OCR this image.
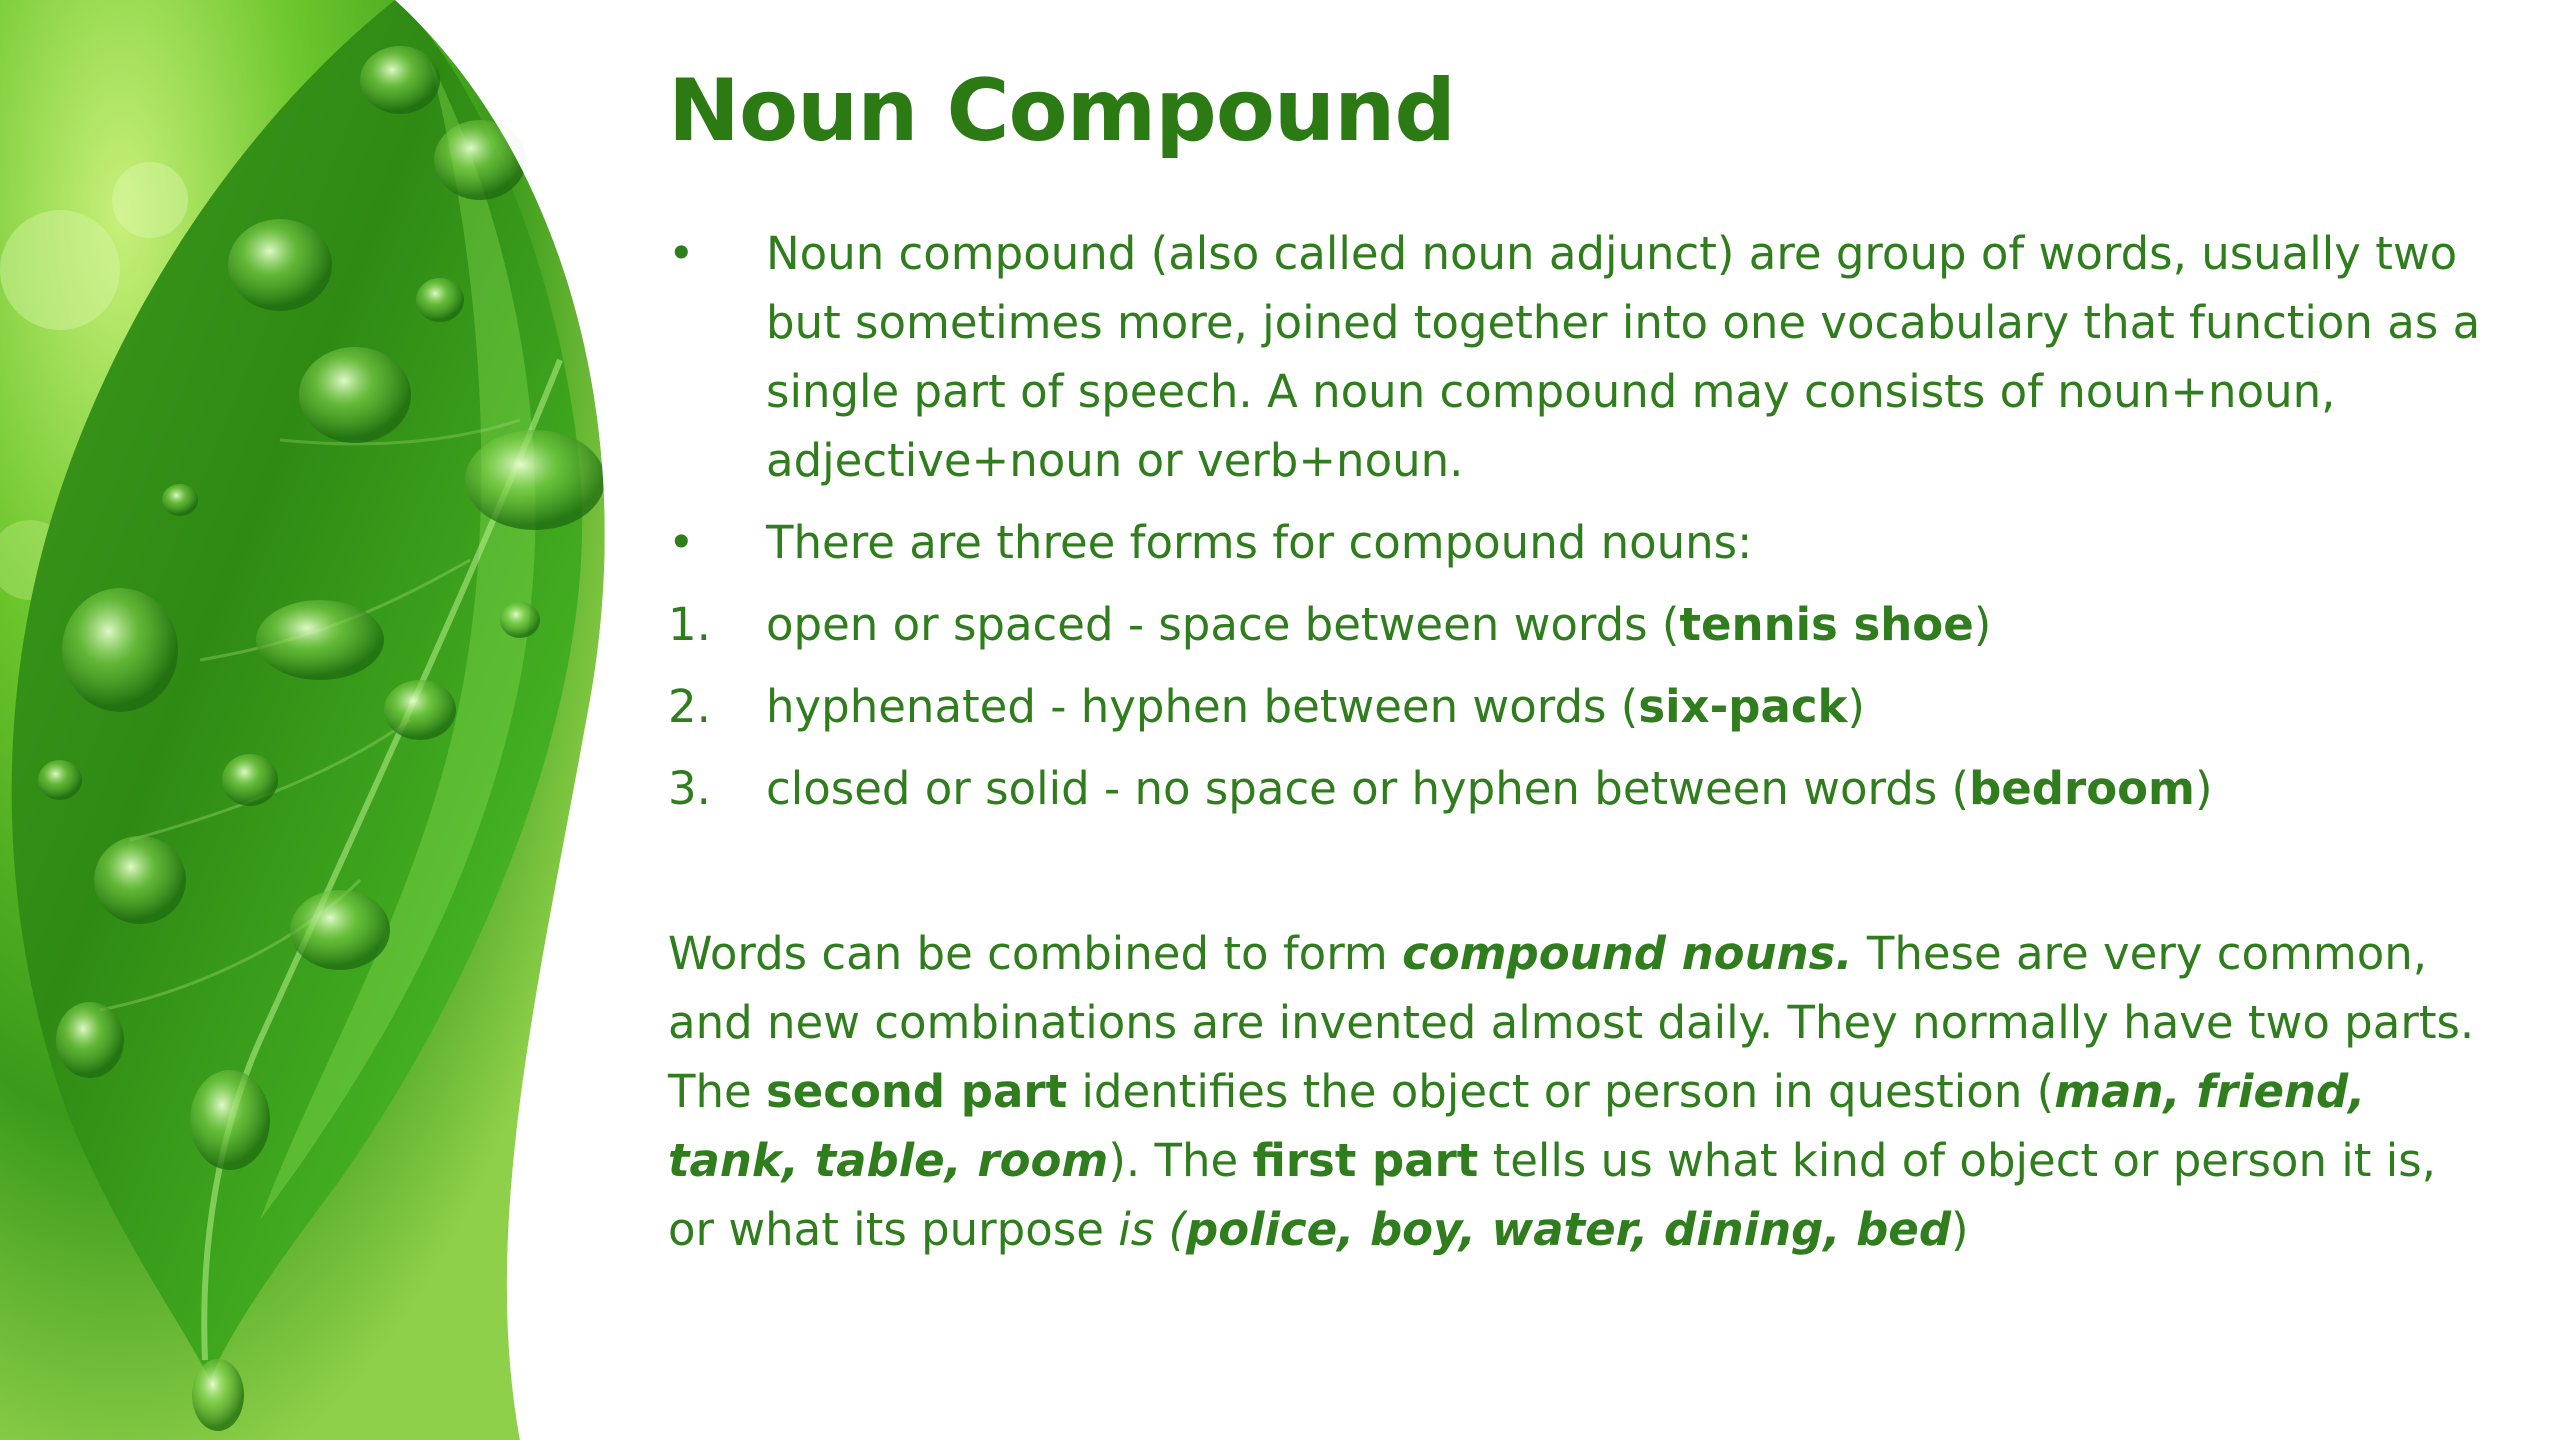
Noun Compound
•	Noun compound (also called noun adjunct) are group of words, usually two but sometimes more, joined together into one vocabulary that function as a single part of speech. A noun compound may consists of noun+noun, adjective+noun or verb+noun.
•	There are three forms for compound nouns:
1.	open or spaced - space between words (tennis shoe)
2.	hyphenated - hyphen between words (six-pack)
3.	closed or solid - no space or hyphen between words (bedroom)

Words can be combined to form compound nouns. These are very common, and new combinations are invented almost daily. They normally have two parts. The second part identifies the object or person in question (man, friend, tank, table, room). The first part tells us what kind of object or person it is, or what its purpose is (police, boy, water, dining, bed)
